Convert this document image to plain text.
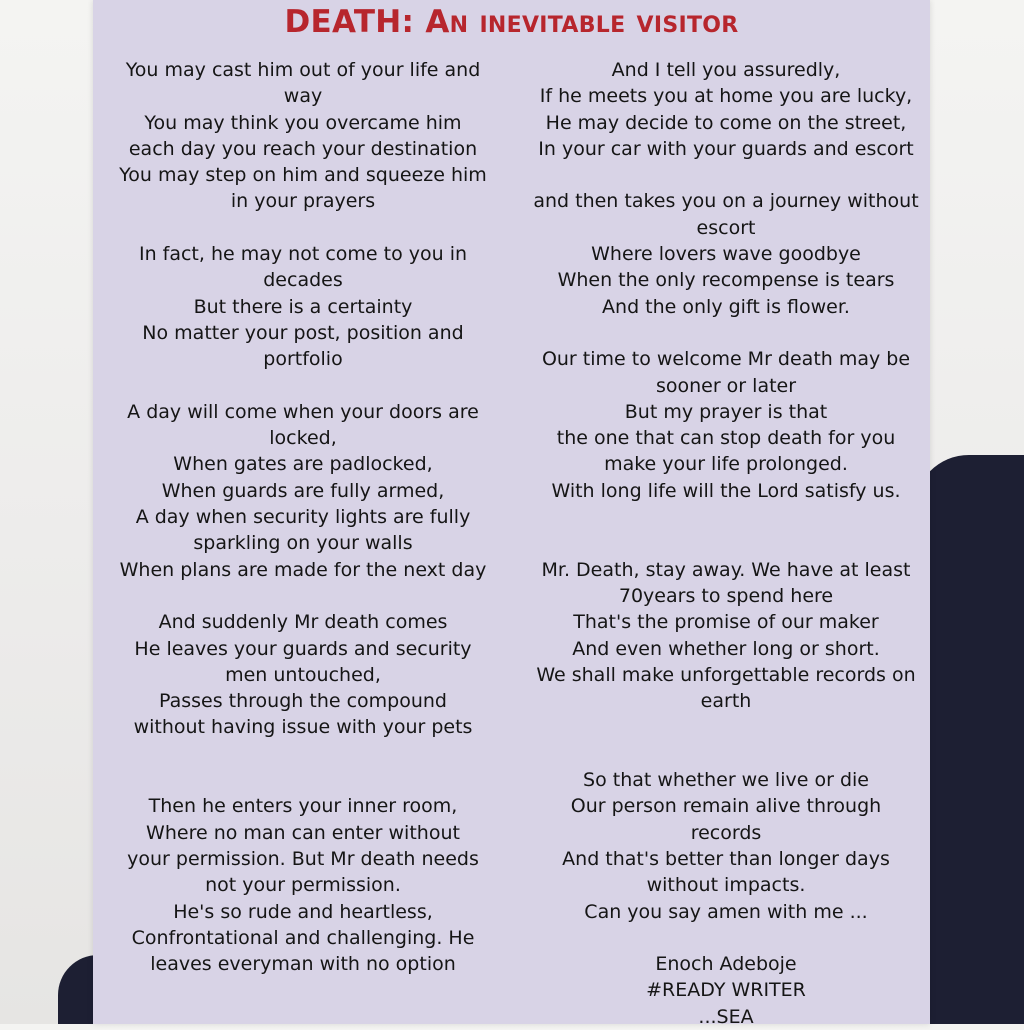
DEATH: An inevitable visitor
You may cast him out of your life and
way
You may think you overcame him
each day you reach your destination
You may step on him and squeeze him
in your prayers
In fact, he may not come to you in
decades
But there is a certainty
No matter your post, position and
portfolio
A day will come when your doors are
locked,
When gates are padlocked,
When guards are fully armed,
A day when security lights are fully
sparkling on your walls
When plans are made for the next day
And suddenly Mr death comes
He leaves your guards and security
men untouched,
Passes through the compound
without having issue with your pets
Then he enters your inner room,
Where no man can enter without
your permission. But Mr death needs
not your permission.
He's so rude and heartless,
Confrontational and challenging. He
leaves everyman with no option
And I tell you assuredly,
If he meets you at home you are lucky,
He may decide to come on the street,
In your car with your guards and escort
and then takes you on a journey without
escort
Where lovers wave goodbye
When the only recompense is tears
And the only gift is flower.
Our time to welcome Mr death may be
sooner or later
But my prayer is that
the one that can stop death for you
make your life prolonged.
With long life will the Lord satisfy us.
Mr. Death, stay away. We have at least
70years to spend here
That's the promise of our maker
And even whether long or short.
We shall make unforgettable records on
earth
So that whether we live or die
Our person remain alive through
records
And that's better than longer days
without impacts.
Can you say amen with me ...
Enoch Adeboje
#READY WRITER
...SEA
